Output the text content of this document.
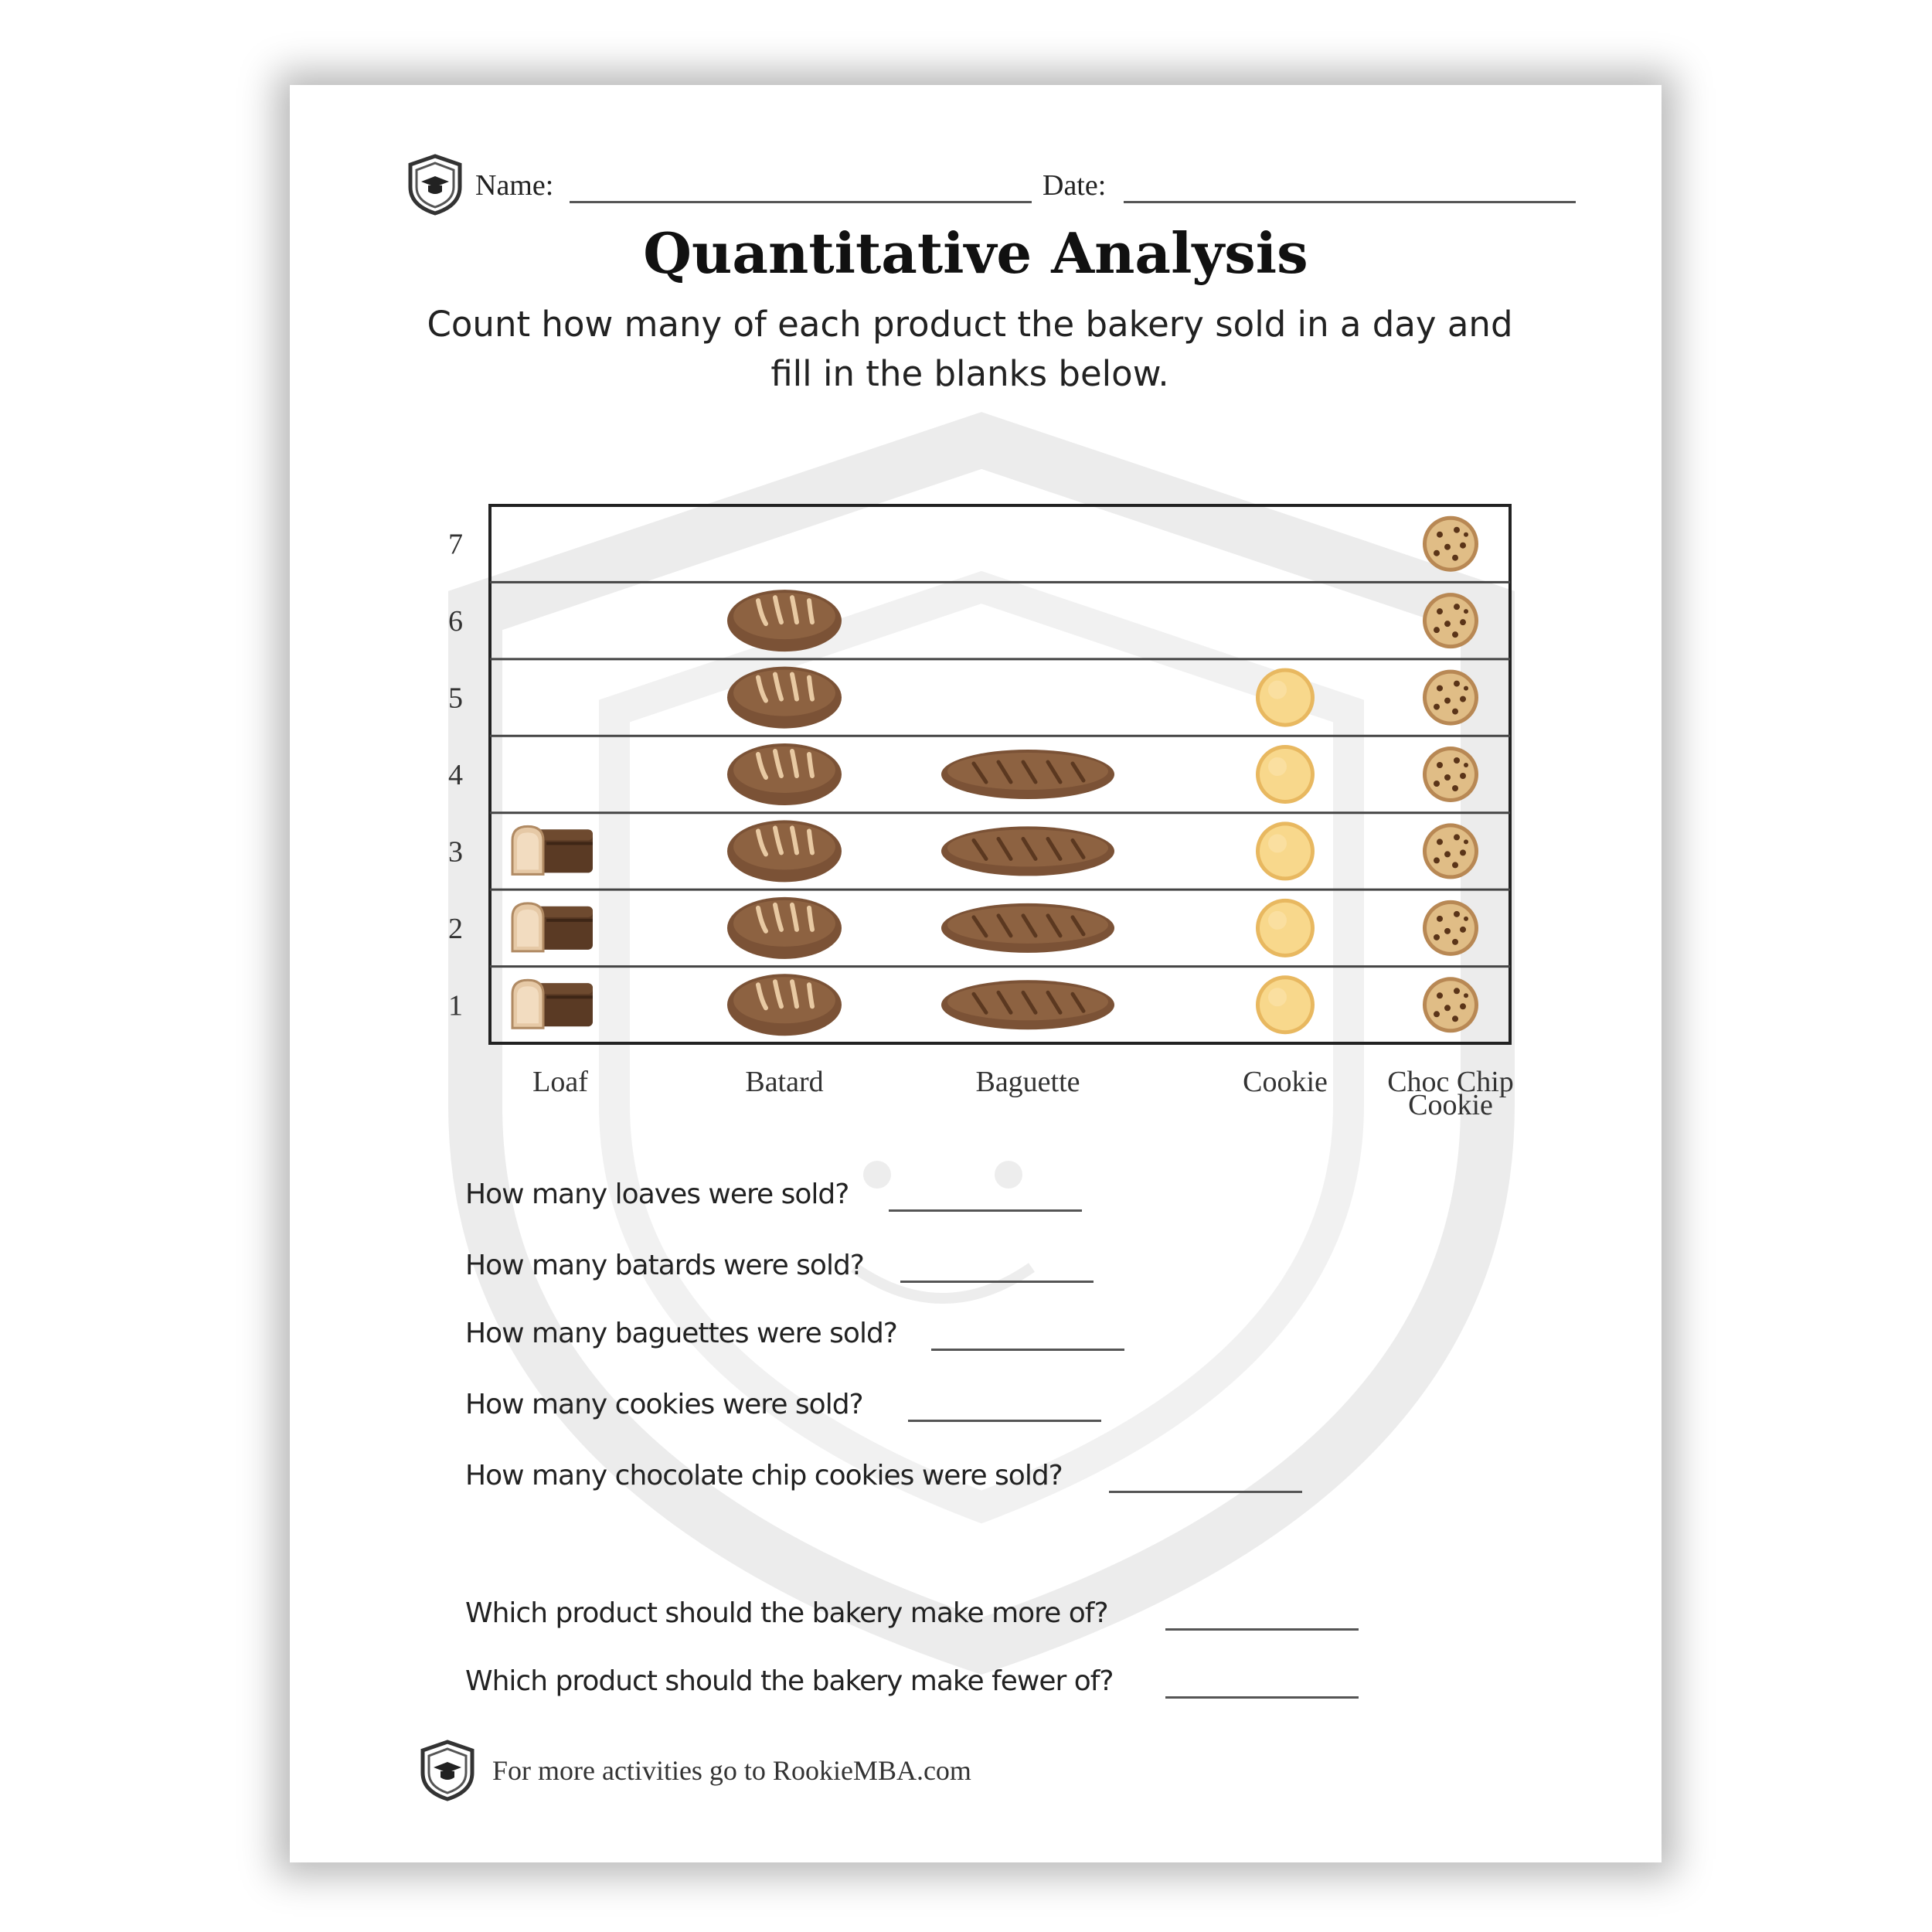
Name:	Date:
Quantitative Analysis
Count how many of each product the bakery sold in a day and
fill in the blanks below.
1
2
3
4
5
6
7
Loaf	Batard	Baguette	Cookie Choc Chip
Cookie
How many loaves were sold?
How many batards were sold?
How many baguettes were sold?
How many cookies were sold?
How many chocolate chip cookies were sold?
Which product should the bakery make more of?
Which product should the bakery make fewer of?
For more activities go to RookieMBA.com
